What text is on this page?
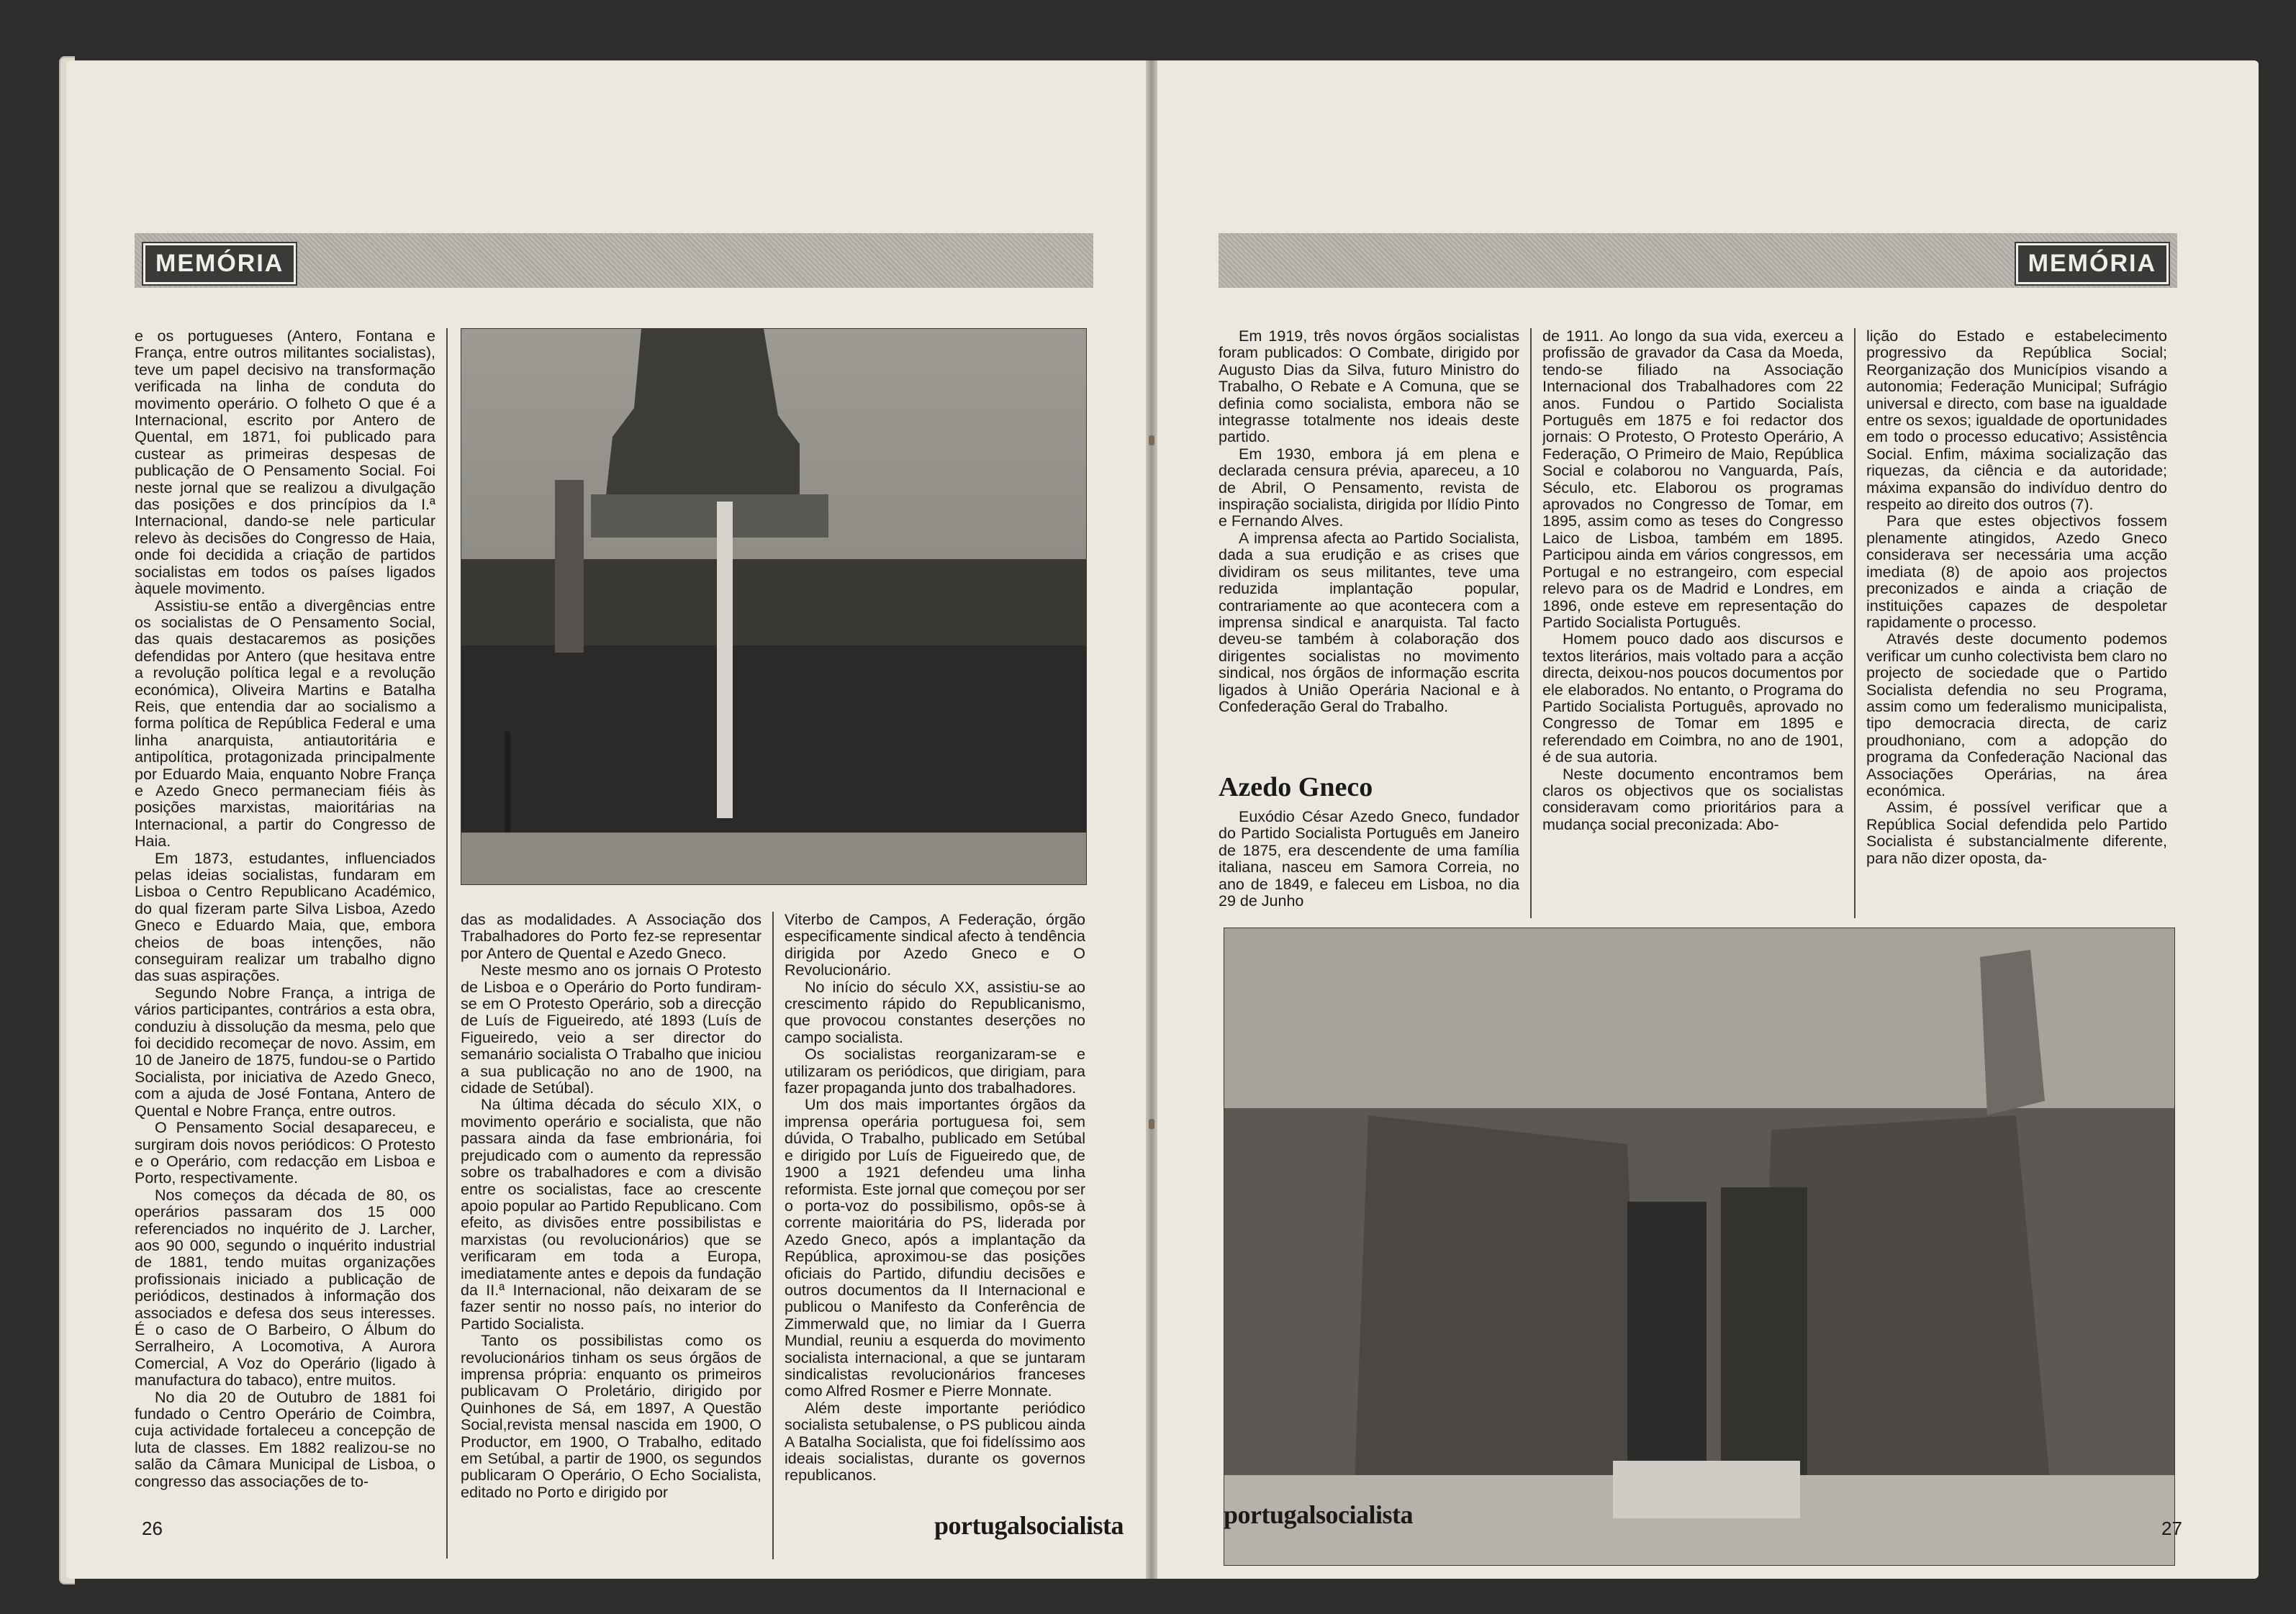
MEMÓRIA

e os portugueses (Antero, Fontana e França, entre outros militantes socialistas), teve um papel decisivo na transformação verificada na linha de conduta do movimento operário. O folheto O que é a Internacional, escrito por Antero de Quental, em 1871, foi publicado para custear as primeiras despesas de publicação de O Pensamento Social. Foi neste jornal que se realizou a divulgação das posições e dos princípios da I.ª Internacional, dando-se nele particular relevo às decisões do Congresso de Haia, onde foi decidida a criação de partidos socialistas em todos os países ligados àquele movimento.

Assistiu-se então a divergências entre os socialistas de O Pensamento Social, das quais destacaremos as posições defendidas por Antero (que hesitava entre a revolução política legal e a revolução económica), Oliveira Martins e Batalha Reis, que entendia dar ao socialismo a forma política de República Federal e uma linha anarquista, antiautoritária e antipolítica, protagonizada principalmente por Eduardo Maia, enquanto Nobre França e Azedo Gneco permaneciam fiéis às posições marxistas, maioritárias na Internacional, a partir do Congresso de Haia.

Em 1873, estudantes, influenciados pelas ideias socialistas, fundaram em Lisboa o Centro Republicano Académico, do qual fizeram parte Silva Lisboa, Azedo Gneco e Eduardo Maia, que, embora cheios de boas intenções, não conseguiram realizar um trabalho digno das suas aspirações.

Segundo Nobre França, a intriga de vários participantes, contrários a esta obra, conduziu à dissolução da mesma, pelo que foi decidido recomeçar de novo. Assim, em 10 de Janeiro de 1875, fundou-se o Partido Socialista, por iniciativa de Azedo Gneco, com a ajuda de José Fontana, Antero de Quental e Nobre França, entre outros.

O Pensamento Social desapareceu, e surgiram dois novos periódicos: O Protesto e o Operário, com redacção em Lisboa e Porto, respectivamente.

Nos começos da década de 80, os operários passaram dos 15 000 referenciados no inquérito de J. Larcher, aos 90 000, segundo o inquérito industrial de 1881, tendo muitas organizações profissionais iniciado a publicação de periódicos, destinados à informação dos associados e defesa dos seus interesses. É o caso de O Barbeiro, O Álbum do Serralheiro, A Locomotiva, A Aurora Comercial, A Voz do Operário (ligado à manufactura do tabaco), entre muitos.

No dia 20 de Outubro de 1881 foi fundado o Centro Operário de Coimbra, cuja actividade fortaleceu a concepção de luta de classes. Em 1882 realizou-se no salão da Câmara Municipal de Lisboa, o congresso das associações de to-

das as modalidades. A Associação dos Trabalhadores do Porto fez-se representar por Antero de Quental e Azedo Gneco.

Neste mesmo ano os jornais O Protesto de Lisboa e o Operário do Porto fundiram-se em O Protesto Operário, sob a direcção de Luís de Figueiredo, até 1893 (Luís de Figueiredo, veio a ser director do semanário socialista O Trabalho que iniciou a sua publicação no ano de 1900, na cidade de Setúbal).

Na última década do século XIX, o movimento operário e socialista, que não passara ainda da fase embrionária, foi prejudicado com o aumento da repressão sobre os trabalhadores e com a divisão entre os socialistas, face ao crescente apoio popular ao Partido Republicano. Com efeito, as divisões entre possibilistas e marxistas (ou revolucionários) que se verificaram em toda a Europa, imediatamente antes e depois da fundação da II.ª Internacional, não deixaram de se fazer sentir no nosso país, no interior do Partido Socialista.

Tanto os possibilistas como os revolucionários tinham os seus órgãos de imprensa própria: enquanto os primeiros publicavam O Proletário, dirigido por Quinhones de Sá, em 1897, A Questão Social,revista mensal nascida em 1900, O Productor, em 1900, O Trabalho, editado em Setúbal, a partir de 1900, os segundos publicaram O Operário, O Echo Socialista, editado no Porto e dirigido por

Viterbo de Campos, A Federação, órgão especificamente sindical afecto à tendência dirigida por Azedo Gneco e O Revolucionário.

No início do século XX, assistiu-se ao crescimento rápido do Republicanismo, que provocou constantes deserções no campo socialista.

Os socialistas reorganizaram-se e utilizaram os periódicos, que dirigiam, para fazer propaganda junto dos trabalhadores.

Um dos mais importantes órgãos da imprensa operária portuguesa foi, sem dúvida, O Trabalho, publicado em Setúbal e dirigido por Luís de Figueiredo que, de 1900 a 1921 defendeu uma linha reformista. Este jornal que começou por ser o porta-voz do possibilismo, opôs-se à corrente maioritária do PS, liderada por Azedo Gneco, após a implantação da República, aproximou-se das posições oficiais do Partido, difundiu decisões e outros documentos da II Internacional e publicou o Manifesto da Conferência de Zimmerwald que, no limiar da I Guerra Mundial, reuniu a esquerda do movimento socialista internacional, a que se juntaram sindicalistas revolucionários franceses como Alfred Rosmer e Pierre Monnate.

Além deste importante periódico socialista setubalense, o PS publicou ainda A Batalha Socialista, que foi fidelíssimo aos ideais socialistas, durante os governos republicanos.

26	portugalsocialista
MEMÓRIA

Em 1919, três novos órgãos socialistas foram publicados: O Combate, dirigido por Augusto Dias da Silva, futuro Ministro do Trabalho, O Rebate e A Comuna, que se definia como socialista, embora não se integrasse totalmente nos ideais deste partido.

Em 1930, embora já em plena e declarada censura prévia, apareceu, a 10 de Abril, O Pensamento, revista de inspiração socialista, dirigida por Ilídio Pinto e Fernando Alves.

A imprensa afecta ao Partido Socialista, dada a sua erudição e as crises que dividiram os seus militantes, teve uma reduzida implantação popular, contrariamente ao que acontecera com a imprensa sindical e anarquista. Tal facto deveu-se também à colaboração dos dirigentes socialistas no movimento sindical, nos órgãos de informação escrita ligados à União Operária Nacional e à Confederação Geral do Trabalho.

Azedo Gneco

Euxódio César Azedo Gneco, fundador do Partido Socialista Português em Janeiro de 1875, era descendente de uma família italiana, nasceu em Samora Correia, no ano de 1849, e faleceu em Lisboa, no dia 29 de Junho

de 1911. Ao longo da sua vida, exerceu a profissão de gravador da Casa da Moeda, tendo-se filiado na Associação Internacional dos Trabalhadores com 22 anos. Fundou o Partido Socialista Português em 1875 e foi redactor dos jornais: O Protesto, O Protesto Operário, A Federação, O Primeiro de Maio, República Social e colaborou no Vanguarda, País, Século, etc. Elaborou os programas aprovados no Congresso de Tomar, em 1895, assim como as teses do Congresso Laico de Lisboa, também em 1895. Participou ainda em vários congressos, em Portugal e no estrangeiro, com especial relevo para os de Madrid e Londres, em 1896, onde esteve em representação do Partido Socialista Português.

Homem pouco dado aos discursos e textos literários, mais voltado para a acção directa, deixou-nos poucos documentos por ele elaborados. No entanto, o Programa do Partido Socialista Português, aprovado no Congresso de Tomar em 1895 e referendado em Coimbra, no ano de 1901, é de sua autoria.

Neste documento encontramos bem claros os objectivos que os socialistas consideravam como prioritários para a mudança social preconizada: Abo-

lição do Estado e estabelecimento progressivo da República Social; Reorganização dos Municípios visando a autonomia; Federação Municipal; Sufrágio universal e directo, com base na igualdade entre os sexos; igualdade de oportunidades em todo o processo educativo; Assistência Social. Enfim, máxima socialização das riquezas, da ciência e da autoridade; máxima expansão do indivíduo dentro do respeito ao direito dos outros (7).

Para que estes objectivos fossem plenamente atingidos, Azedo Gneco considerava ser necessária uma acção imediata (8) de apoio aos projectos preconizados e ainda a criação de instituições capazes de despoletar rapidamente o processo.

Através deste documento podemos verificar um cunho colectivista bem claro no projecto de sociedade que o Partido Socialista defendia no seu Programa, assim como um federalismo municipalista, tipo democracia directa, de cariz proudhoniano, com a adopção do programa da Confederação Nacional das Associações Operárias, na área económica.

Assim, é possível verificar que a República Social defendida pelo Partido Socialista é substancialmente diferente, para não dizer oposta, da-

portugalsocialista	27
